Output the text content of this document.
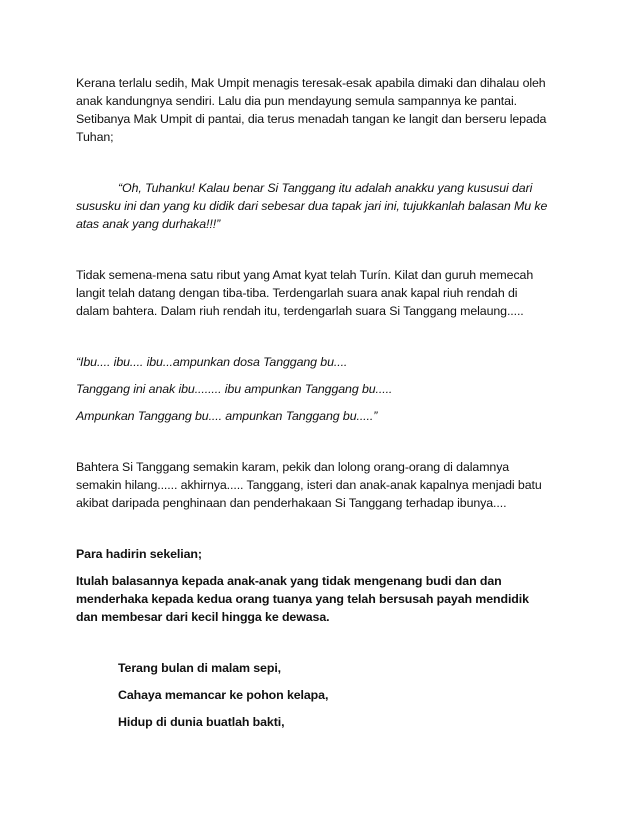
Kerana terlalu sedih, Mak Umpit menagis teresak-esak apabila dimaki dan dihalau oleh
anak kandungnya sendiri. Lalu dia pun mendayung semula sampannya ke pantai.
Setibanya Mak Umpit di pantai, dia terus menadah tangan ke langit dan berseru lepada
Tuhan;
“Oh, Tuhanku! Kalau benar Si Tanggang itu adalah anakku yang kususui dari
sususku ini dan yang ku didik dari sebesar dua tapak jari ini, tujukkanlah balasan Mu ke
atas anak yang durhaka!!!”
Tidak semena-mena satu ribut yang Amat kyat telah Turín. Kilat dan guruh memecah
langit telah datang dengan tiba-tiba. Terdengarlah suara anak kapal riuh rendah di
dalam bahtera. Dalam riuh rendah itu, terdengarlah suara Si Tanggang melaung.....
“Ibu.... ibu.... ibu...ampunkan dosa Tanggang bu....
Tanggang ini anak ibu........ ibu ampunkan Tanggang bu.....
Ampunkan Tanggang bu.... ampunkan Tanggang bu.....”
Bahtera Si Tanggang semakin karam, pekik dan lolong orang-orang di dalamnya
semakin hilang...... akhirnya..... Tanggang, isteri dan anak-anak kapalnya menjadi batu
akibat daripada penghinaan dan penderhakaan Si Tanggang terhadap ibunya....
Para hadirin sekelian;
Itulah balasannya kepada anak-anak yang tidak mengenang budi dan dan
menderhaka kepada kedua orang tuanya yang telah bersusah payah mendidik
dan membesar dari kecil hingga ke dewasa.
Terang bulan di malam sepi,
Cahaya memancar ke pohon kelapa,
Hidup di dunia buatlah bakti,
